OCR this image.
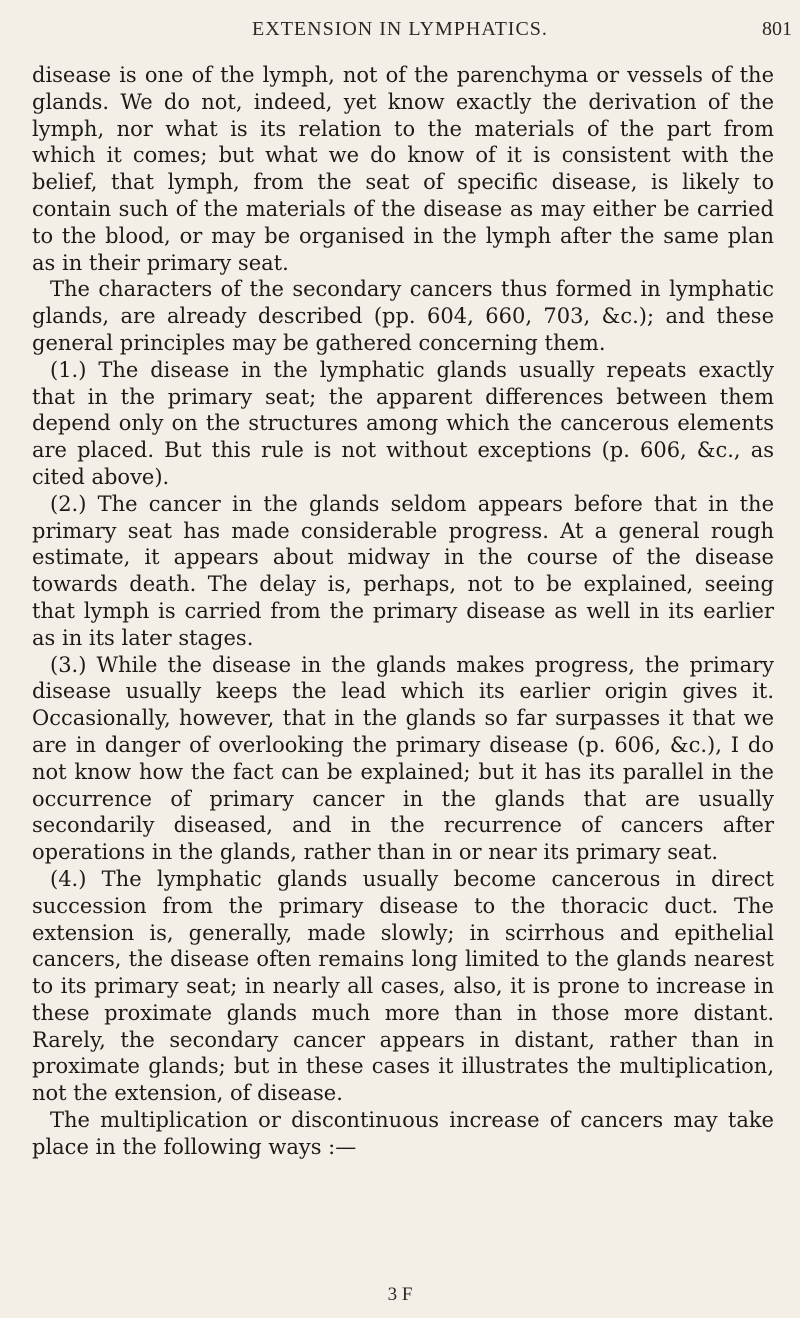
EXTENSION IN LYMPHATICS.	801

disease is one of the lymph, not of the parenchyma or vessels of the glands. We do not, indeed, yet know exactly the derivation of the lymph, nor what is its relation to the materials of the part from which it comes; but what we do know of it is consistent with the belief, that lymph, from the seat of specific disease, is likely to contain such of the materials of the disease as may either be carried to the blood, or may be organised in the lymph after the same plan as in their primary seat.

The characters of the secondary cancers thus formed in lymphatic glands, are already described (pp. 604, 660, 703, &c.); and these general principles may be gathered concerning them.

(1.) The disease in the lymphatic glands usually repeats exactly that in the primary seat; the apparent differences between them depend only on the structures among which the cancerous elements are placed. But this rule is not without exceptions (p. 606, &c., as cited above).

(2.) The cancer in the glands seldom appears before that in the primary seat has made considerable progress. At a general rough estimate, it appears about midway in the course of the disease towards death. The delay is, perhaps, not to be explained, seeing that lymph is carried from the primary disease as well in its earlier as in its later stages.

(3.) While the disease in the glands makes progress, the primary disease usually keeps the lead which its earlier origin gives it. Occasionally, however, that in the glands so far surpasses it that we are in danger of overlooking the primary disease (p. 606, &c.), I do not know how the fact can be explained; but it has its parallel in the occurrence of primary cancer in the glands that are usually secondarily diseased, and in the recurrence of cancers after operations in the glands, rather than in or near its primary seat.

(4.) The lymphatic glands usually become cancerous in direct succession from the primary disease to the thoracic duct. The extension is, generally, made slowly; in scirrhous and epithelial cancers, the disease often remains long limited to the glands nearest to its primary seat; in nearly all cases, also, it is prone to increase in these proximate glands much more than in those more distant. Rarely, the secondary cancer appears in distant, rather than in proximate glands; but in these cases it illustrates the multiplication, not the extension, of disease.

The multiplication or discontinuous increase of cancers may take place in the following ways :—

3 F
